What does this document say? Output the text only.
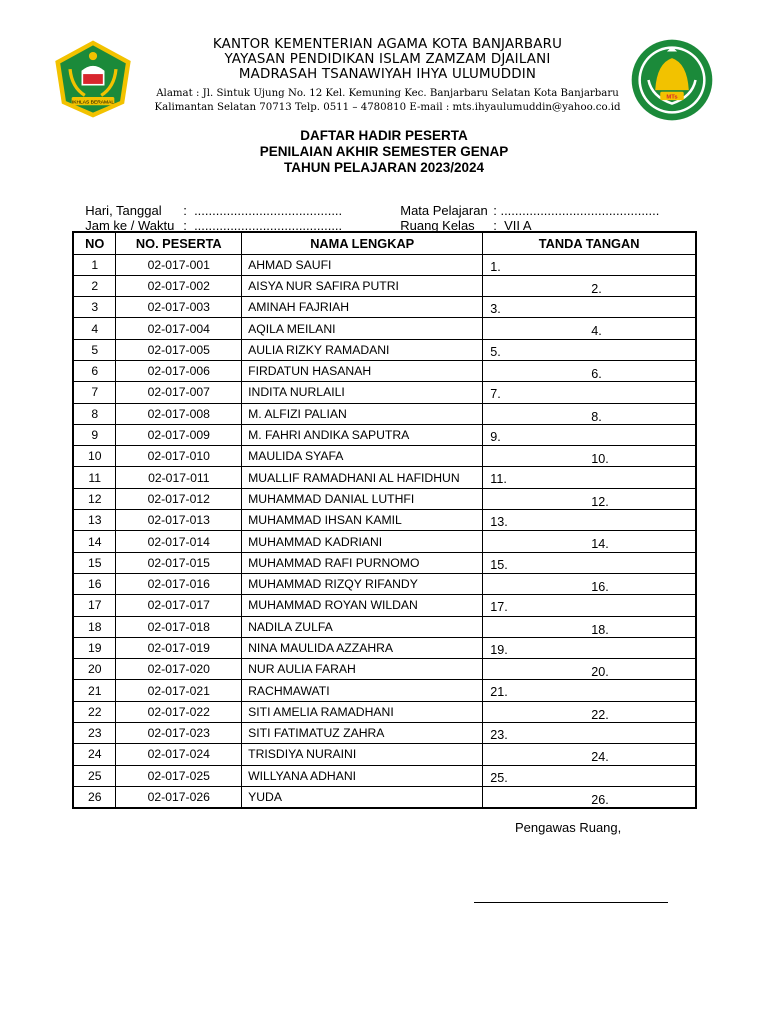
IKHLAS BERAMAL
MTs
KANTOR KEMENTERIAN AGAMA KOTA BANJARBARU
YAYASAN PENDIDIKAN ISLAM ZAMZAM DJAILANI
MADRASAH TSANAWIYAH IHYA ULUMUDDIN
Alamat : Jl. Sintuk Ujung No. 12 Kel. Kemuning Kec. Banjarbaru Selatan Kota Banjarbaru
Kalimantan Selatan 70713 Telp. 0511 – 4780810 E-mail : mts.ihyaulumuddin@yahoo.co.id
DAFTAR HADIR PESERTA
PENILAIAN AKHIR SEMESTER GENAP
TAHUN PELAJARAN 2023/2024

Hari, Tanggal :  .........................................

Jam ke / Waktu :  .........................................

Mata Pelajaran : ............................................

Ruang Kelas :  VII A

NO	NO. PESERTA	NAMA LENGKAP	TANDA TANGAN
1	02-017-001	AHMAD SAUFI	1.

2	02-017-002	AISYA NUR SAFIRA PUTRI	2.

3	02-017-003	AMINAH FAJRIAH	3.

4	02-017-004	AQILA MEILANI	4.

5	02-017-005	AULIA RIZKY RAMADANI	5.

6	02-017-006	FIRDATUN HASANAH	6.

7	02-017-007	INDITA NURLAILI	7.

8	02-017-008	M. ALFIZI PALIAN	8.

9	02-017-009	M. FAHRI ANDIKA SAPUTRA	9.

10	02-017-010	MAULIDA SYAFA	10.

11	02-017-011	MUALLIF RAMADHANI AL HAFIDHUN	11.

12	02-017-012	MUHAMMAD DANIAL LUTHFI	12.

13	02-017-013	MUHAMMAD IHSAN KAMIL	13.

14	02-017-014	MUHAMMAD KADRIANI	14.

15	02-017-015	MUHAMMAD RAFI PURNOMO	15.

16	02-017-016	MUHAMMAD RIZQY RIFANDY	16.

17	02-017-017	MUHAMMAD ROYAN WILDAN	17.

18	02-017-018	NADILA ZULFA	18.

19	02-017-019	NINA MAULIDA AZZAHRA	19.

20	02-017-020	NUR AULIA FARAH	20.

21	02-017-021	RACHMAWATI	21.

22	02-017-022	SITI AMELIA RAMADHANI	22.

23	02-017-023	SITI FATIMATUZ ZAHRA	23.

24	02-017-024	TRISDIYA NURAINI	24.

25	02-017-025	WILLYANA ADHANI	25.

26	02-017-026	YUDA	26.
Pengawas Ruang,
